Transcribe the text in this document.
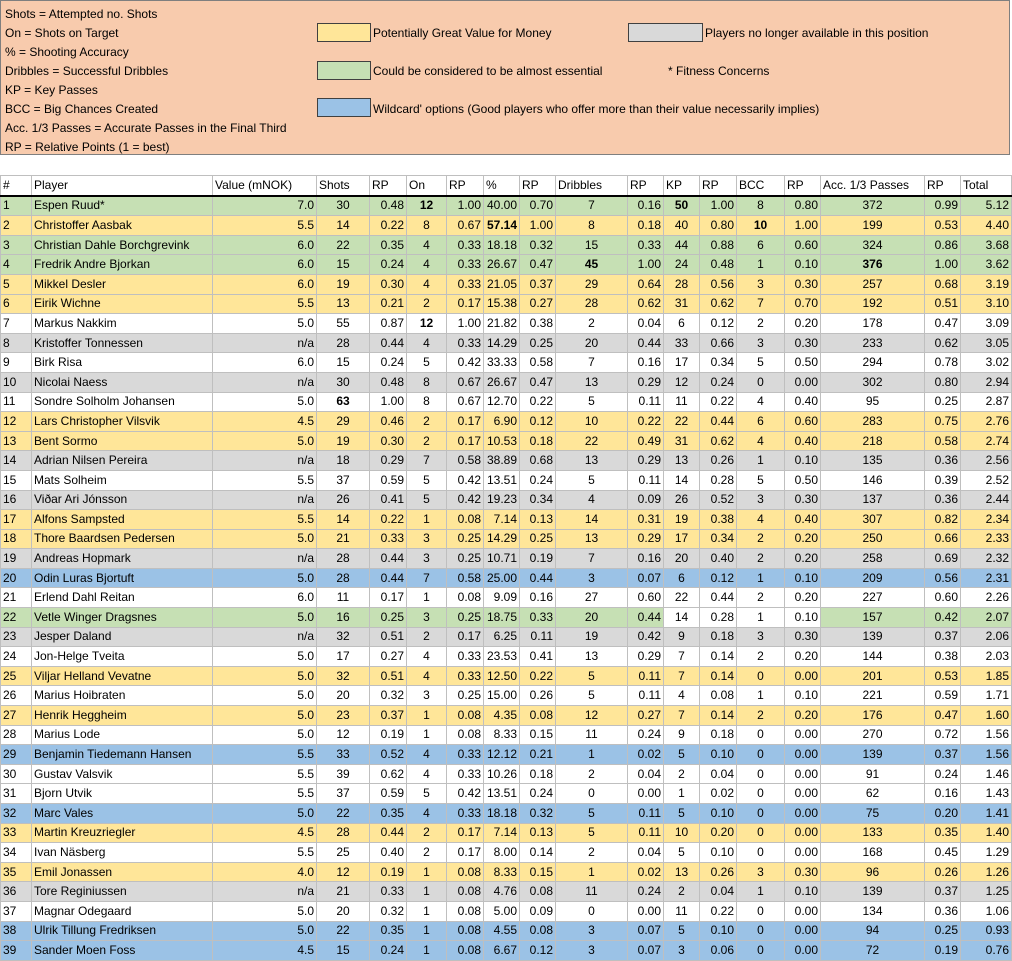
Shots = Attempted no. Shots
On = Shots on Target
% = Shooting Accuracy
Dribbles = Successful Dribbles
KP = Key Passes
BCC = Big Chances Created
Acc. 1/3 Passes = Accurate Passes in the Final Third
RP = Relative Points (1 = best)
Potentially Great Value for Money
Could be considered to be almost essential
Wildcard' options (Good players who offer more than their value necessarily implies)
Players no longer available in this position
* Fitness Concerns
#	Player	Value (mNOK)	Shots	RP	On	RP	%	RP	Dribbles	RP	KP	RP	BCC	RP	Acc. 1/3 Passes	RP	Total
1	Espen Ruud*	7.0	30	0.48	12	1.00	40.00	0.70	7	0.16	50	1.00	8	0.80	372	0.99	5.12
2	Christoffer Aasbak	5.5	14	0.22	8	0.67	57.14	1.00	8	0.18	40	0.80	10	1.00	199	0.53	4.40
3	Christian Dahle Borchgrevink	6.0	22	0.35	4	0.33	18.18	0.32	15	0.33	44	0.88	6	0.60	324	0.86	3.68
4	Fredrik Andre Bjorkan	6.0	15	0.24	4	0.33	26.67	0.47	45	1.00	24	0.48	1	0.10	376	1.00	3.62
5	Mikkel Desler	6.0	19	0.30	4	0.33	21.05	0.37	29	0.64	28	0.56	3	0.30	257	0.68	3.19
6	Eirik Wichne	5.5	13	0.21	2	0.17	15.38	0.27	28	0.62	31	0.62	7	0.70	192	0.51	3.10
7	Markus Nakkim	5.0	55	0.87	12	1.00	21.82	0.38	2	0.04	6	0.12	2	0.20	178	0.47	3.09
8	Kristoffer Tonnessen	n/a	28	0.44	4	0.33	14.29	0.25	20	0.44	33	0.66	3	0.30	233	0.62	3.05
9	Birk Risa	6.0	15	0.24	5	0.42	33.33	0.58	7	0.16	17	0.34	5	0.50	294	0.78	3.02
10	Nicolai Naess	n/a	30	0.48	8	0.67	26.67	0.47	13	0.29	12	0.24	0	0.00	302	0.80	2.94
11	Sondre Solholm Johansen	5.0	63	1.00	8	0.67	12.70	0.22	5	0.11	11	0.22	4	0.40	95	0.25	2.87
12	Lars Christopher Vilsvik	4.5	29	0.46	2	0.17	6.90	0.12	10	0.22	22	0.44	6	0.60	283	0.75	2.76
13	Bent Sormo	5.0	19	0.30	2	0.17	10.53	0.18	22	0.49	31	0.62	4	0.40	218	0.58	2.74
14	Adrian Nilsen Pereira	n/a	18	0.29	7	0.58	38.89	0.68	13	0.29	13	0.26	1	0.10	135	0.36	2.56
15	Mats Solheim	5.5	37	0.59	5	0.42	13.51	0.24	5	0.11	14	0.28	5	0.50	146	0.39	2.52
16	Viðar Ari Jónsson	n/a	26	0.41	5	0.42	19.23	0.34	4	0.09	26	0.52	3	0.30	137	0.36	2.44
17	Alfons Sampsted	5.5	14	0.22	1	0.08	7.14	0.13	14	0.31	19	0.38	4	0.40	307	0.82	2.34
18	Thore Baardsen Pedersen	5.0	21	0.33	3	0.25	14.29	0.25	13	0.29	17	0.34	2	0.20	250	0.66	2.33
19	Andreas Hopmark	n/a	28	0.44	3	0.25	10.71	0.19	7	0.16	20	0.40	2	0.20	258	0.69	2.32
20	Odin Luras Bjortuft	5.0	28	0.44	7	0.58	25.00	0.44	3	0.07	6	0.12	1	0.10	209	0.56	2.31
21	Erlend Dahl Reitan	6.0	11	0.17	1	0.08	9.09	0.16	27	0.60	22	0.44	2	0.20	227	0.60	2.26
22	Vetle Winger Dragsnes	5.0	16	0.25	3	0.25	18.75	0.33	20	0.44	14	0.28	1	0.10	157	0.42	2.07
23	Jesper Daland	n/a	32	0.51	2	0.17	6.25	0.11	19	0.42	9	0.18	3	0.30	139	0.37	2.06
24	Jon-Helge Tveita	5.0	17	0.27	4	0.33	23.53	0.41	13	0.29	7	0.14	2	0.20	144	0.38	2.03
25	Viljar Helland Vevatne	5.0	32	0.51	4	0.33	12.50	0.22	5	0.11	7	0.14	0	0.00	201	0.53	1.85
26	Marius Hoibraten	5.0	20	0.32	3	0.25	15.00	0.26	5	0.11	4	0.08	1	0.10	221	0.59	1.71
27	Henrik Heggheim	5.0	23	0.37	1	0.08	4.35	0.08	12	0.27	7	0.14	2	0.20	176	0.47	1.60
28	Marius Lode	5.0	12	0.19	1	0.08	8.33	0.15	11	0.24	9	0.18	0	0.00	270	0.72	1.56
29	Benjamin Tiedemann Hansen	5.5	33	0.52	4	0.33	12.12	0.21	1	0.02	5	0.10	0	0.00	139	0.37	1.56
30	Gustav Valsvik	5.5	39	0.62	4	0.33	10.26	0.18	2	0.04	2	0.04	0	0.00	91	0.24	1.46
31	Bjorn Utvik	5.5	37	0.59	5	0.42	13.51	0.24	0	0.00	1	0.02	0	0.00	62	0.16	1.43
32	Marc Vales	5.0	22	0.35	4	0.33	18.18	0.32	5	0.11	5	0.10	0	0.00	75	0.20	1.41
33	Martin Kreuzriegler	4.5	28	0.44	2	0.17	7.14	0.13	5	0.11	10	0.20	0	0.00	133	0.35	1.40
34	Ivan Näsberg	5.5	25	0.40	2	0.17	8.00	0.14	2	0.04	5	0.10	0	0.00	168	0.45	1.29
35	Emil Jonassen	4.0	12	0.19	1	0.08	8.33	0.15	1	0.02	13	0.26	3	0.30	96	0.26	1.26
36	Tore Reginiussen	n/a	21	0.33	1	0.08	4.76	0.08	11	0.24	2	0.04	1	0.10	139	0.37	1.25
37	Magnar Odegaard	5.0	20	0.32	1	0.08	5.00	0.09	0	0.00	11	0.22	0	0.00	134	0.36	1.06
38	Ulrik Tillung Fredriksen	5.0	22	0.35	1	0.08	4.55	0.08	3	0.07	5	0.10	0	0.00	94	0.25	0.93
39	Sander Moen Foss	4.5	15	0.24	1	0.08	6.67	0.12	3	0.07	3	0.06	0	0.00	72	0.19	0.76
